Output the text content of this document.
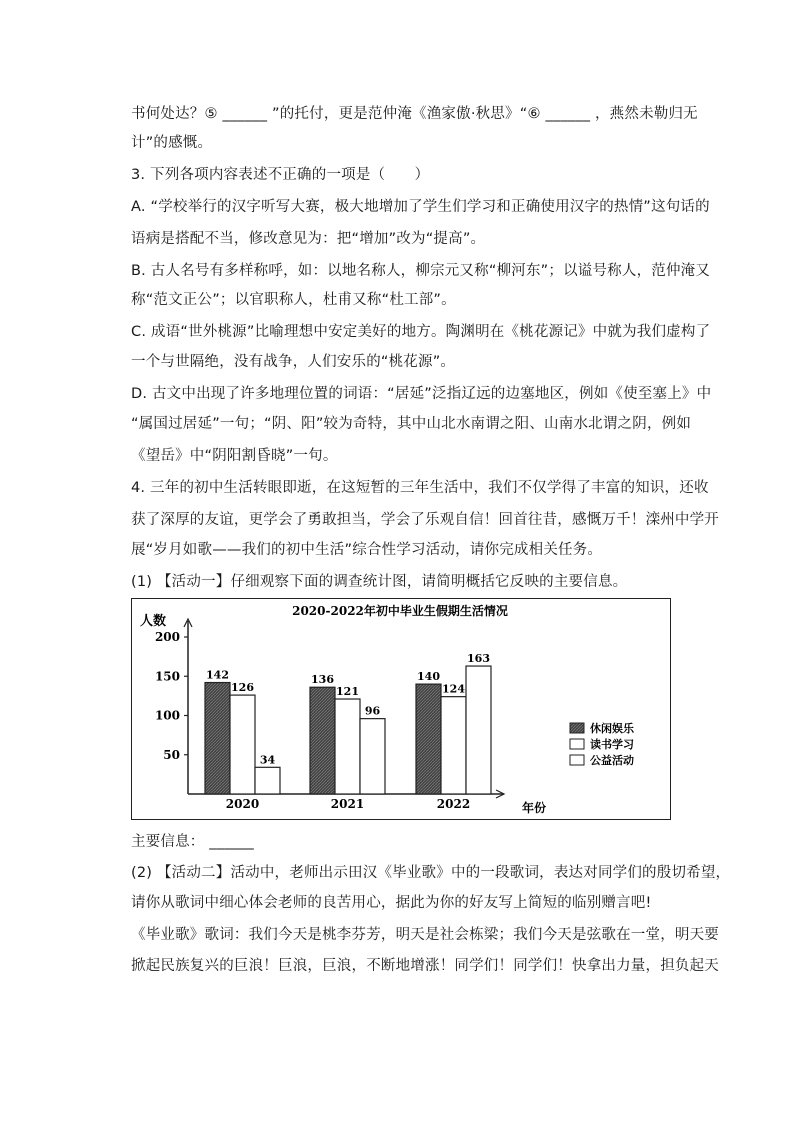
书何处达？⑤ ______ ”的托付，更是范仲淹《渔家傲·秋思》“⑥ ______ ，燕然未勒归无
计”的感慨。
3. 下列各项内容表述不正确的一项是（　　）
A. “学校举行的汉字听写大赛，极大地增加了学生们学习和正确使用汉字的热情”这句话的
语病是搭配不当，修改意见为：把“增加”改为“提高”。
B. 古人名号有多样称呼，如：以地名称人，柳宗元又称“柳河东”；以谥号称人，范仲淹又
称“范文正公”；以官职称人，杜甫又称“杜工部”。
C. 成语“世外桃源”比喻理想中安定美好的地方。陶渊明在《桃花源记》中就为我们虚构了
一个与世隔绝，没有战争，人们安乐的“桃花源”。
D. 古文中出现了许多地理位置的词语：“居延”泛指辽远的边塞地区，例如《使至塞上》中
“属国过居延”一句；“阴、阳”较为奇特，其中山北水南谓之阳、山南水北谓之阴，例如
《望岳》中“阴阳割昏晓”一句。
4. 三年的初中生活转眼即逝，在这短暂的三年生活中，我们不仅学得了丰富的知识，还收
获了深厚的友谊，更学会了勇敢担当，学会了乐观自信！回首往昔，感慨万千！滦州中学开
展“岁月如歌——我们的初中生活”综合性学习活动，请你完成相关任务。
(1) 【活动一】仔细观察下面的调查统计图，请简明概括它反映的主要信息。
2020-2022年初中毕业生假期生活情况
人数
50
100
150
200
年份
142
126
34
2020
136
121
96
2021
140
124
163
2022
休闲娱乐
读书学习
公益活动
主要信息： ______
(2) 【活动二】活动中，老师出示田汉《毕业歌》中的一段歌词，表达对同学们的殷切希望，
请你从歌词中细心体会老师的良苦用心，据此为你的好友写上简短的临别赠言吧!
《毕业歌》歌词：我们今天是桃李芬芳，明天是社会栋梁；我们今天是弦歌在一堂，明天要
掀起民族复兴的巨浪！巨浪，巨浪，不断地增涨！同学们！同学们！快拿出力量，担负起天
